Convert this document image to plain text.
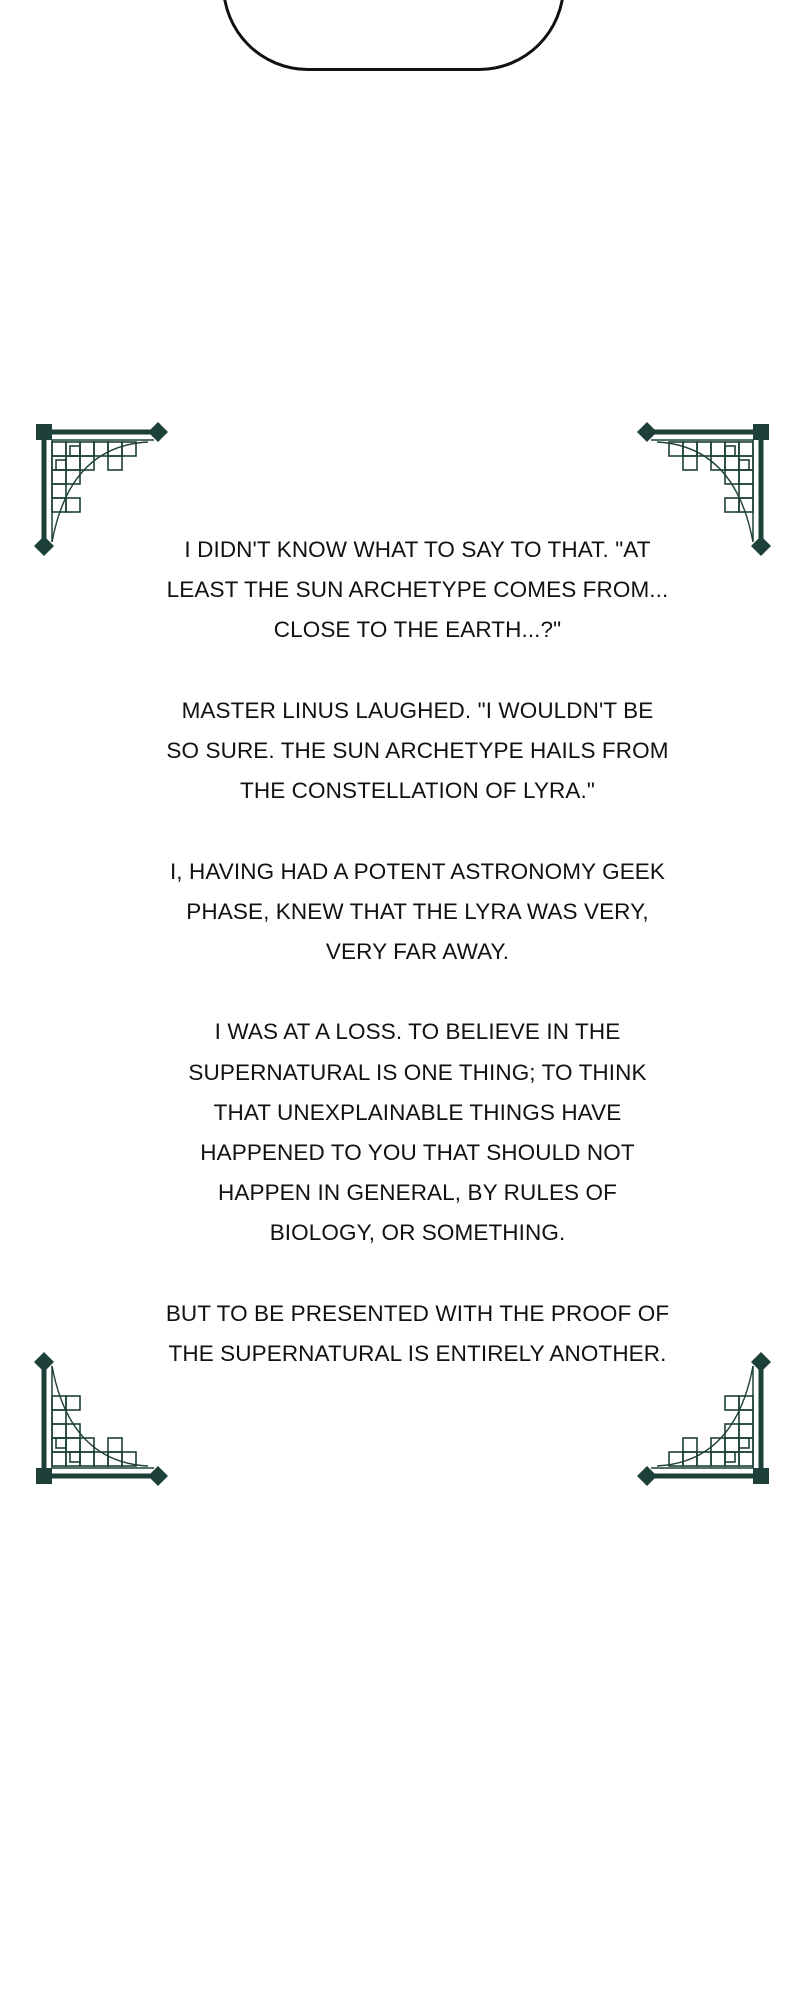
I DIDN'T KNOW WHAT TO SAY TO THAT. "AT LEAST THE SUN ARCHETYPE COMES FROM... CLOSE TO THE EARTH...?"

MASTER LINUS LAUGHED. "I WOULDN'T BE SO SURE. THE SUN ARCHETYPE HAILS FROM THE CONSTELLATION OF LYRA."

I, HAVING HAD A POTENT ASTRONOMY GEEK PHASE, KNEW THAT THE LYRA WAS VERY, VERY FAR AWAY.

I WAS AT A LOSS. TO BELIEVE IN THE SUPERNATURAL IS ONE THING; TO THINK THAT UNEXPLAINABLE THINGS HAVE HAPPENED TO YOU THAT SHOULD NOT HAPPEN IN GENERAL, BY RULES OF BIOLOGY, OR SOMETHING.

BUT TO BE PRESENTED WITH THE PROOF OF THE SUPERNATURAL IS ENTIRELY ANOTHER.
